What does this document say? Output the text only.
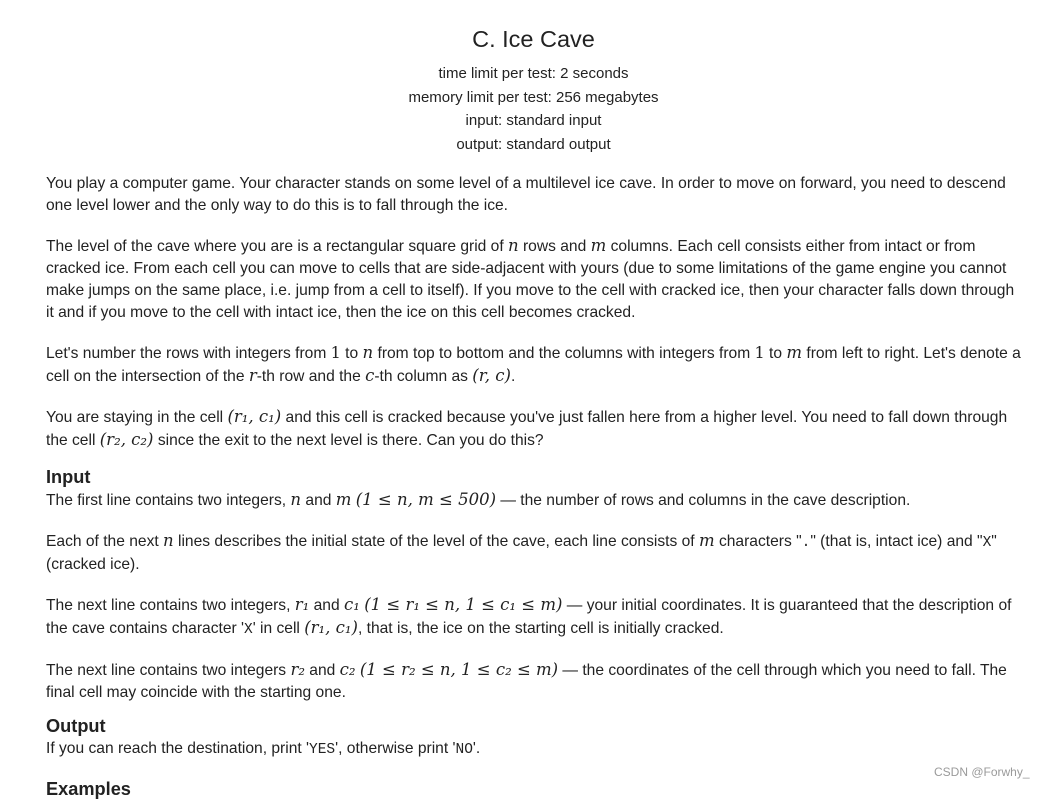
C. Ice Cave
time limit per test: 2 seconds
memory limit per test: 256 megabytes
input: standard input
output: standard output

You play a computer game. Your character stands on some level of a multilevel ice cave. In order to move on forward, you need to descend one level lower and the only way to do this is to fall through the ice.

The level of the cave where you are is a rectangular square grid of n rows and m columns. Each cell consists either from intact or from cracked ice. From each cell you can move to cells that are side-adjacent with yours (due to some limitations of the game engine you cannot make jumps on the same place, i.e. jump from a cell to itself). If you move to the cell with cracked ice, then your character falls down through it and if you move to the cell with intact ice, then the ice on this cell becomes cracked.

Let's number the rows with integers from 1 to n from top to bottom and the columns with integers from 1 to m from left to right. Let's denote a cell on the intersection of the r-th row and the c-th column as (r, c).

You are staying in the cell (r₁, c₁) and this cell is cracked because you've just fallen here from a higher level. You need to fall down through the cell (r₂, c₂) since the exit to the next level is there. Can you do this?

Input

The first line contains two integers, n and m (1 ≤ n, m ≤ 500) — the number of rows and columns in the cave description.

Each of the next n lines describes the initial state of the level of the cave, each line consists of m characters "." (that is, intact ice) and "X" (cracked ice).

The next line contains two integers, r₁ and c₁ (1 ≤ r₁ ≤ n, 1 ≤ c₁ ≤ m) — your initial coordinates. It is guaranteed that the description of the cave contains character 'X' in cell (r₁, c₁), that is, the ice on the starting cell is initially cracked.

The next line contains two integers r₂ and c₂ (1 ≤ r₂ ≤ n, 1 ≤ c₂ ≤ m) — the coordinates of the cell through which you need to fall. The final cell may coincide with the starting one.

Output

If you can reach the destination, print 'YES', otherwise print 'NO'.

Examples
CSDN @Forwhy_
